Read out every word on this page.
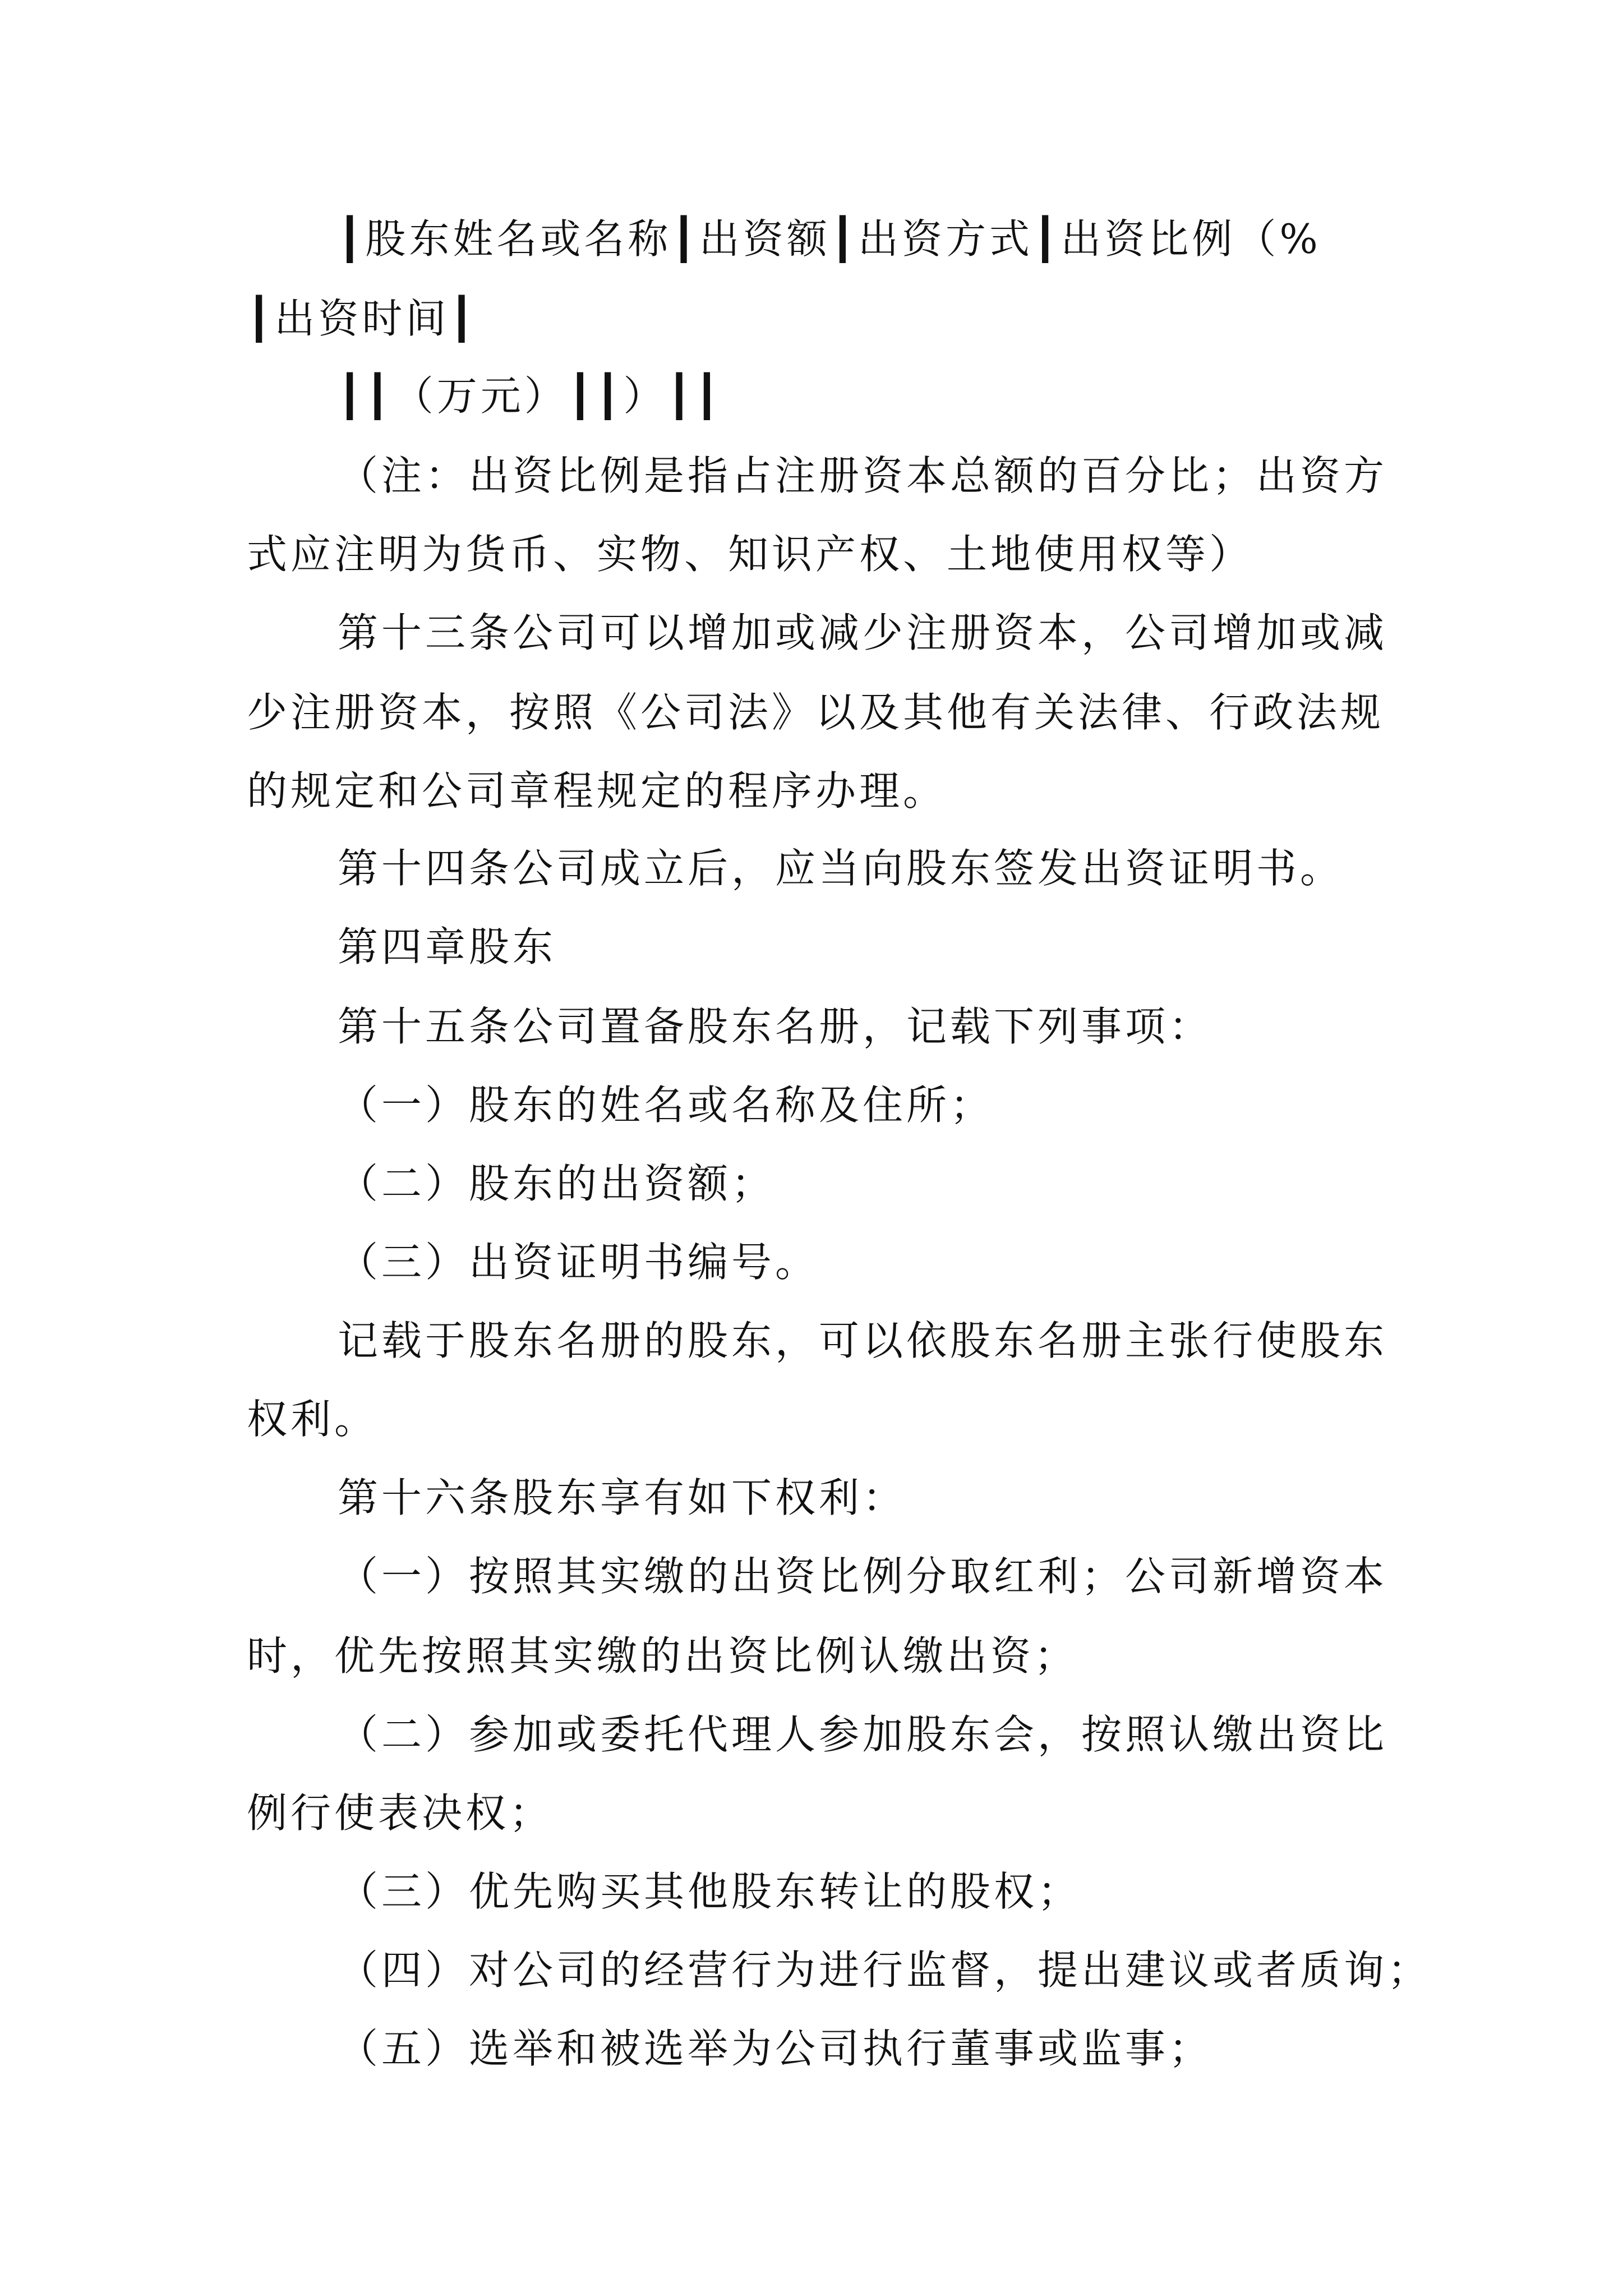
┃股东姓名或名称┃出资额┃出资方式┃出资比例（%
┃出资时间┃
┃┃（万元）┃┃）┃┃
（注：出资比例是指占注册资本总额的百分比；出资方
式应注明为货币、实物、知识产权、土地使用权等）
第十三条公司可以增加或减少注册资本，公司增加或减
少注册资本，按照《公司法》以及其他有关法律、行政法规
的规定和公司章程规定的程序办理。
第十四条公司成立后，应当向股东签发出资证明书。
第四章股东
第十五条公司置备股东名册，记载下列事项：
（一）股东的姓名或名称及住所；
（二）股东的出资额；
（三）出资证明书编号。
记载于股东名册的股东，可以依股东名册主张行使股东
权利。
第十六条股东享有如下权利：
（一）按照其实缴的出资比例分取红利；公司新增资本
时，优先按照其实缴的出资比例认缴出资；
（二）参加或委托代理人参加股东会，按照认缴出资比
例行使表决权；
（三）优先购买其他股东转让的股权；
（四）对公司的经营行为进行监督，提出建议或者质询；
（五）选举和被选举为公司执行董事或监事；
